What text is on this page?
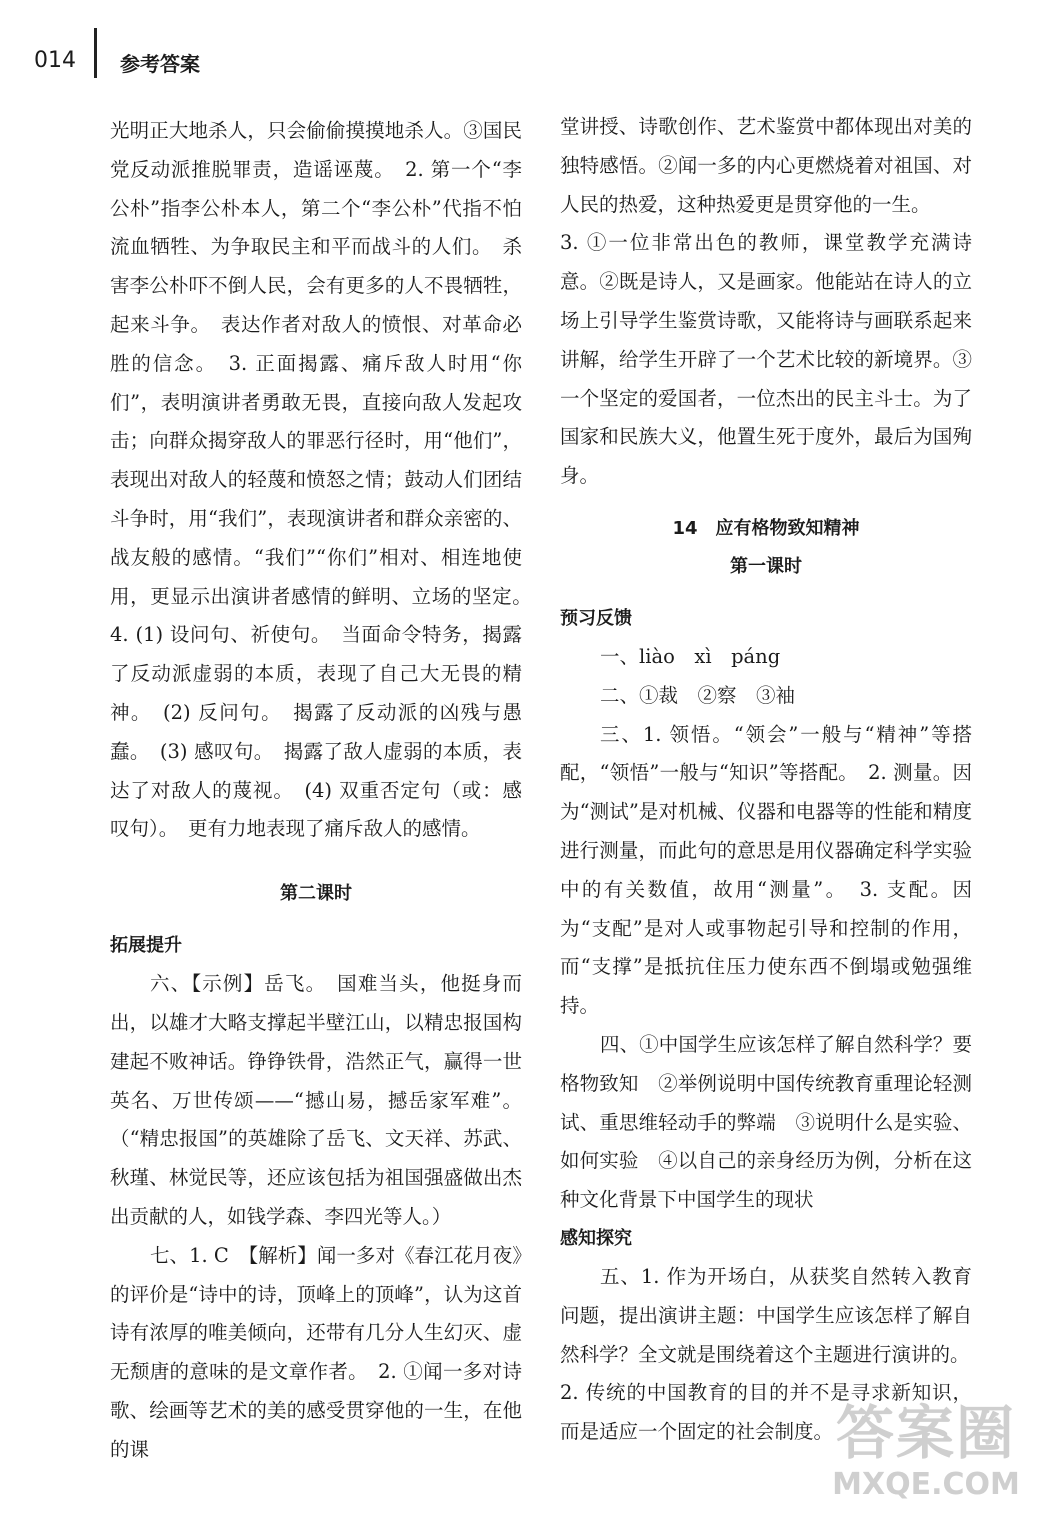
014 参考答案

光明正大地杀人，只会偷偷摸摸地杀人。③国民党反动派推脱罪责，造谣诬蔑。　2. 第一个“李公朴”指李公朴本人，第二个“李公朴”代指不怕流血牺牲、为争取民主和平而战斗的人们。　杀害李公朴吓不倒人民，会有更多的人不畏牺牲，起来斗争。　表达作者对敌人的愤恨、对革命必胜的信念。　3. 正面揭露、痛斥敌人时用“你们”，表明演讲者勇敢无畏，直接向敌人发起攻击；向群众揭穿敌人的罪恶行径时，用“他们”，表现出对敌人的轻蔑和愤怒之情；鼓动人们团结斗争时，用“我们”，表现演讲者和群众亲密的、战友般的感情。“我们”“你们”相对、相连地使用，更显示出演讲者感情的鲜明、立场的坚定。　4. (1) 设问句、祈使句。　当面命令特务，揭露了反动派虚弱的本质，表现了自己大无畏的精神。　(2) 反问句。　揭露了反动派的凶残与愚蠢。　(3) 感叹句。　揭露了敌人虚弱的本质，表达了对敌人的蔑视。　(4) 双重否定句（或：感叹句）。　更有力地表现了痛斥敌人的感情。

第二课时

拓展提升

六、【示例】岳飞。　国难当头，他挺身而出，以雄才大略支撑起半壁江山，以精忠报国构建起不败神话。铮铮铁骨，浩然正气，赢得一世英名、万世传颂——“撼山易，撼岳家军难”。（“精忠报国”的英雄除了岳飞、文天祥、苏武、秋瑾、林觉民等，还应该包括为祖国强盛做出杰出贡献的人，如钱学森、李四光等人。）

七、1. C　【解析】闻一多对《春江花月夜》的评价是“诗中的诗，顶峰上的顶峰”，认为这首诗有浓厚的唯美倾向，还带有几分人生幻灭、虚无颓唐的意味的是文章作者。　2. ①闻一多对诗歌、绘画等艺术的美的感受贯穿他的一生，在他的课

堂讲授、诗歌创作、艺术鉴赏中都体现出对美的独特感悟。②闻一多的内心更燃烧着对祖国、对人民的热爱，这种热爱更是贯穿他的一生。

3. ①一位非常出色的教师，课堂教学充满诗意。②既是诗人，又是画家。他能站在诗人的立场上引导学生鉴赏诗歌，又能将诗与画联系起来讲解，给学生开辟了一个艺术比较的新境界。③一个坚定的爱国者，一位杰出的民主斗士。为了国家和民族大义，他置生死于度外，最后为国殉身。

14　应有格物致知精神

第一课时

预习反馈

一、liào　xì　páng

二、①裁　②察　③袖

三、1. 领悟。“领会”一般与“精神”等搭配，“领悟”一般与“知识”等搭配。　2. 测量。因为“测试”是对机械、仪器和电器等的性能和精度进行测量，而此句的意思是用仪器确定科学实验中的有关数值，故用“测量”。　3. 支配。因为“支配”是对人或事物起引导和控制的作用，而“支撑”是抵抗住压力使东西不倒塌或勉强维持。

四、①中国学生应该怎样了解自然科学？要格物致知　②举例说明中国传统教育重理论轻测试、重思维轻动手的弊端　③说明什么是实验、如何实验　④以自己的亲身经历为例，分析在这种文化背景下中国学生的现状

感知探究

五、1. 作为开场白，从获奖自然转入教育问题，提出演讲主题：中国学生应该怎样了解自然科学？全文就是围绕着这个主题进行演讲的。

2. 传统的中国教育的目的并不是寻求新知识，而是适应一个固定的社会制度。 答案圈
MXQE.COM
